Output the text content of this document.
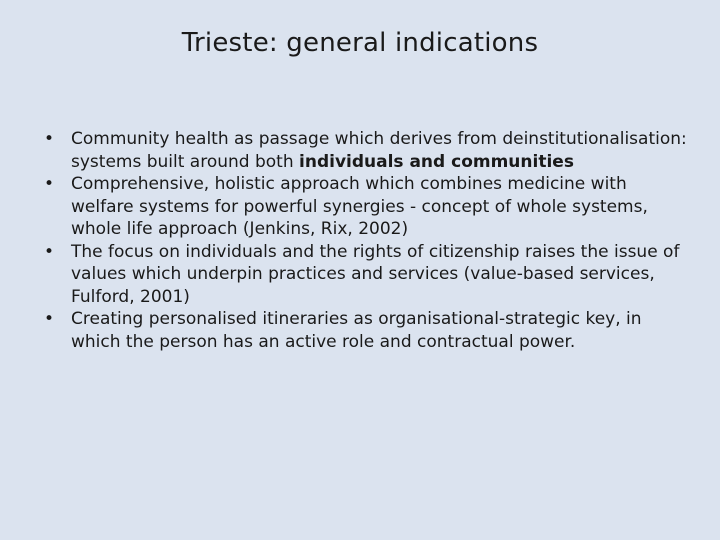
Trieste: general indications
• Community health as passage which derives from deinstitutionalisation: systems built around both individuals and communities
• Comprehensive, holistic approach which combines medicine with welfare systems for powerful synergies - concept of whole systems, whole life approach (Jenkins, Rix, 2002)
• The focus on individuals and the rights of citizenship raises the issue of values which underpin practices and services (value-based services, Fulford, 2001)
• Creating personalised itineraries as organisational-strategic key, in which the person has an active role and contractual power.
